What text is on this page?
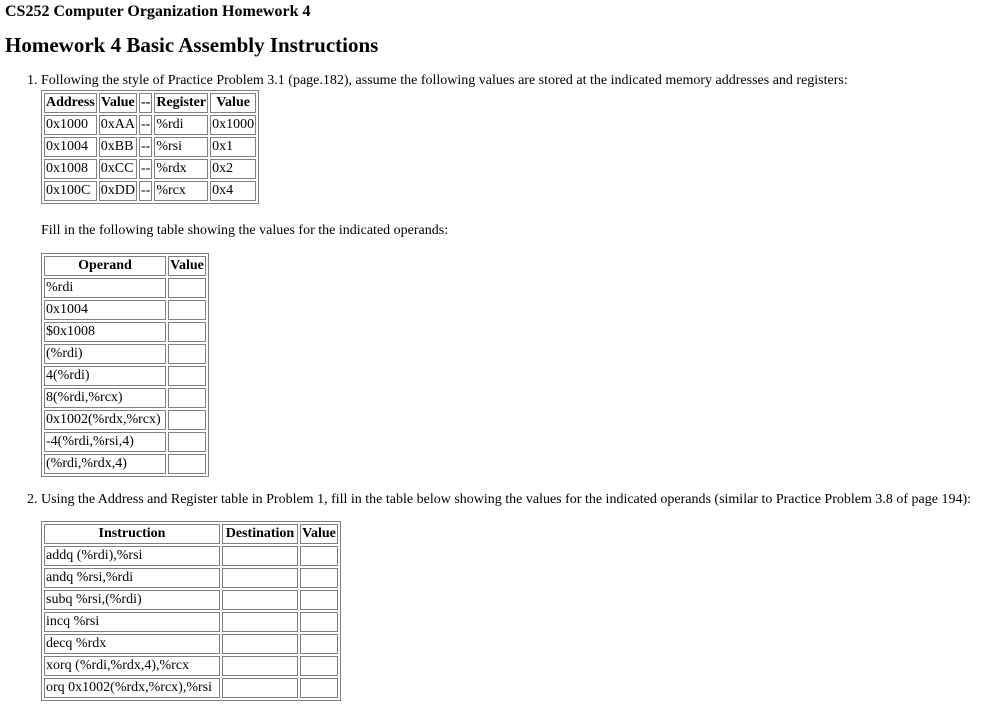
CS252 Computer Organization Homework 4
Homework 4 Basic Assembly Instructions

1. Following the style of Practice Problem 3.1 (page.182), assume the following values are stored at the indicated memory addresses and registers:

Address	Value	--	Register	Value
0x1000	0xAA	--	%rdi	0x1000
0x1004	0xBB	--	%rsi	0x1
0x1008	0xCC	--	%rdx	0x2
0x100C	0xDD	--	%rcx	0x4

Fill in the following table showing the values for the indicated operands:

Operand	Value
%rdi	
0x1004	
$0x1008	
(%rdi)	
4(%rdi)	
8(%rdi,%rcx)	
0x1002(%rdx,%rcx)	
-4(%rdi,%rsi,4)	
(%rdi,%rdx,4)	

2. Using the Address and Register table in Problem 1, fill in the table below showing the values for the indicated operands (similar to Practice Problem 3.8 of page 194):

Instruction	Destination	Value
addq (%rdi),%rsi		
andq %rsi,%rdi		
subq %rsi,(%rdi)		
incq %rsi		
decq %rdx		
xorq (%rdi,%rdx,4),%rcx		
orq 0x1002(%rdx,%rcx),%rsi		
